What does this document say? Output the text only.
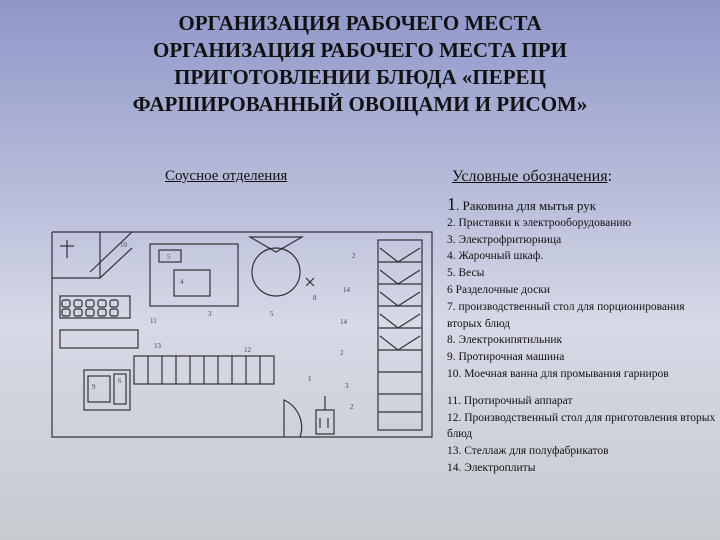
ОРГАНИЗАЦИЯ РАБОЧЕГО МЕСТА
ОРГАНИЗАЦИЯ РАБОЧЕГО МЕСТА ПРИ
ПРИГОТОВЛЕНИИ БЛЮДА «ПЕРЕЦ
ФАРШИРОВАННЫЙ ОВОЩАМИ И РИСОМ»
Соусное отделения	Условные обозначения:
1. Раковина для мытья рук
2. Приставки к электрооборудованию
3. Электрофритюрница
4. Жарочный шкаф.
5. Весы
6 Разделочные доски
7. производственный стол для порционирования вторых блюд
8. Электрокипятильник
9. Протирочная машина
10. Моечная ванна для промывания гарниров
11. Протирочный аппарат
12. Производственный стол для приготовления вторых блюд
13. Стеллаж для полуфабрикатов
14. Электроплиты
10
2
5
4
3	5
14
8
11	14
13	12	2
1
3
2
6
9
